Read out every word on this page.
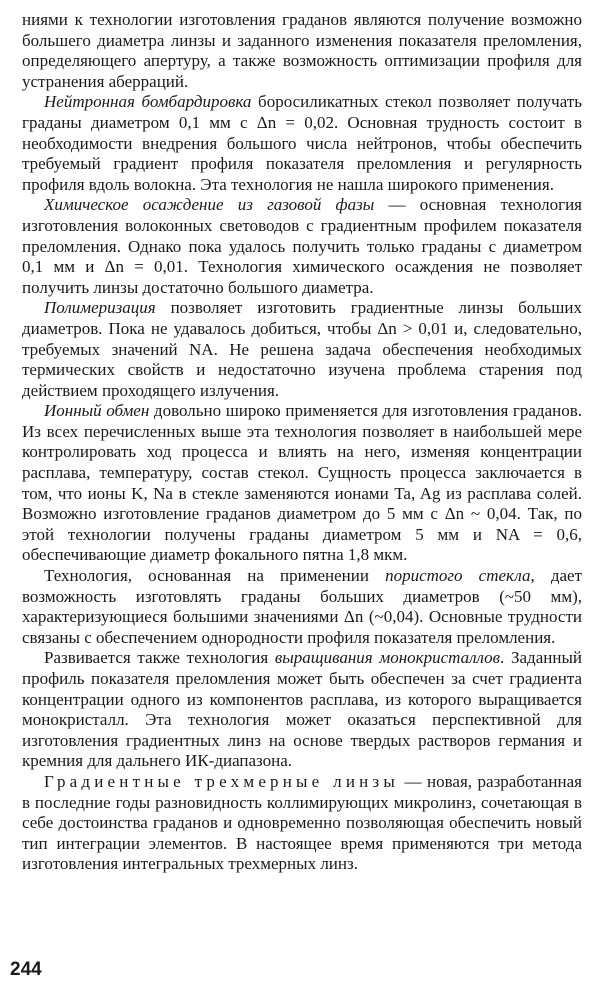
ниями к технологии изготовления граданов являются получение возможно большего диаметра линзы и заданного изменения показателя преломления, определяющего апертуру, а также возможность оптимизации профиля для устранения аберраций.

Нейтронная бомбардировка боросиликатных стекол позволяет получать граданы диаметром 0,1 мм с Δn = 0,02. Основная трудность состоит в необходимости внедрения большого числа нейтронов, чтобы обеспечить требуемый градиент профиля показателя преломления и регулярность профиля вдоль волокна. Эта технология не нашла широкого применения.

Химическое осаждение из газовой фазы — основная технология изготовления волоконных световодов с градиентным профилем показателя преломления. Однако пока удалось получить только граданы с диаметром 0,1 мм и Δn = 0,01. Технология химического осаждения не позволяет получить линзы достаточно большого диаметра.

Полимеризация позволяет изготовить градиентные линзы больших диаметров. Пока не удавалось добиться, чтобы Δn > 0,01 и, следовательно, требуемых значений NA. Не решена задача обеспечения необходимых термических свойств и недостаточно изучена проблема старения под действием проходящего излучения.

Ионный обмен довольно широко применяется для изготовления граданов. Из всех перечисленных выше эта технология позволяет в наибольшей мере контролировать ход процесса и влиять на него, изменяя концентрации расплава, температуру, состав стекол. Сущность процесса заключается в том, что ионы K, Na в стекле заменяются ионами Ta, Ag из расплава солей. Возможно изготовление граданов диаметром до 5 мм с Δn ~ 0,04. Так, по этой технологии получены граданы диаметром 5 мм и NA = 0,6, обеспечивающие диаметр фокального пятна 1,8 мкм.

Технология, основанная на применении пористого стекла, дает возможность изготовлять граданы больших диаметров (~50 мм), характеризующиеся большими значениями Δn (~0,04). Основные трудности связаны с обеспечением однородности профиля показателя преломления.

Развивается также технология выращивания монокристаллов. Заданный профиль показателя преломления может быть обеспечен за счет градиента концентрации одного из компонентов расплава, из которого выращивается монокристалл. Эта технология может оказаться перспективной для изготовления градиентных линз на основе твердых растворов германия и кремния для дальнего ИК-диапазона.

Градиентные трехмерные линзы — новая, разработанная в последние годы разновидность коллимирующих микролинз, сочетающая в себе достоинства граданов и одновременно позволяющая обеспечить новый тип интеграции элементов. В настоящее время применяются три метода изготовления интегральных трехмерных линз.

244
